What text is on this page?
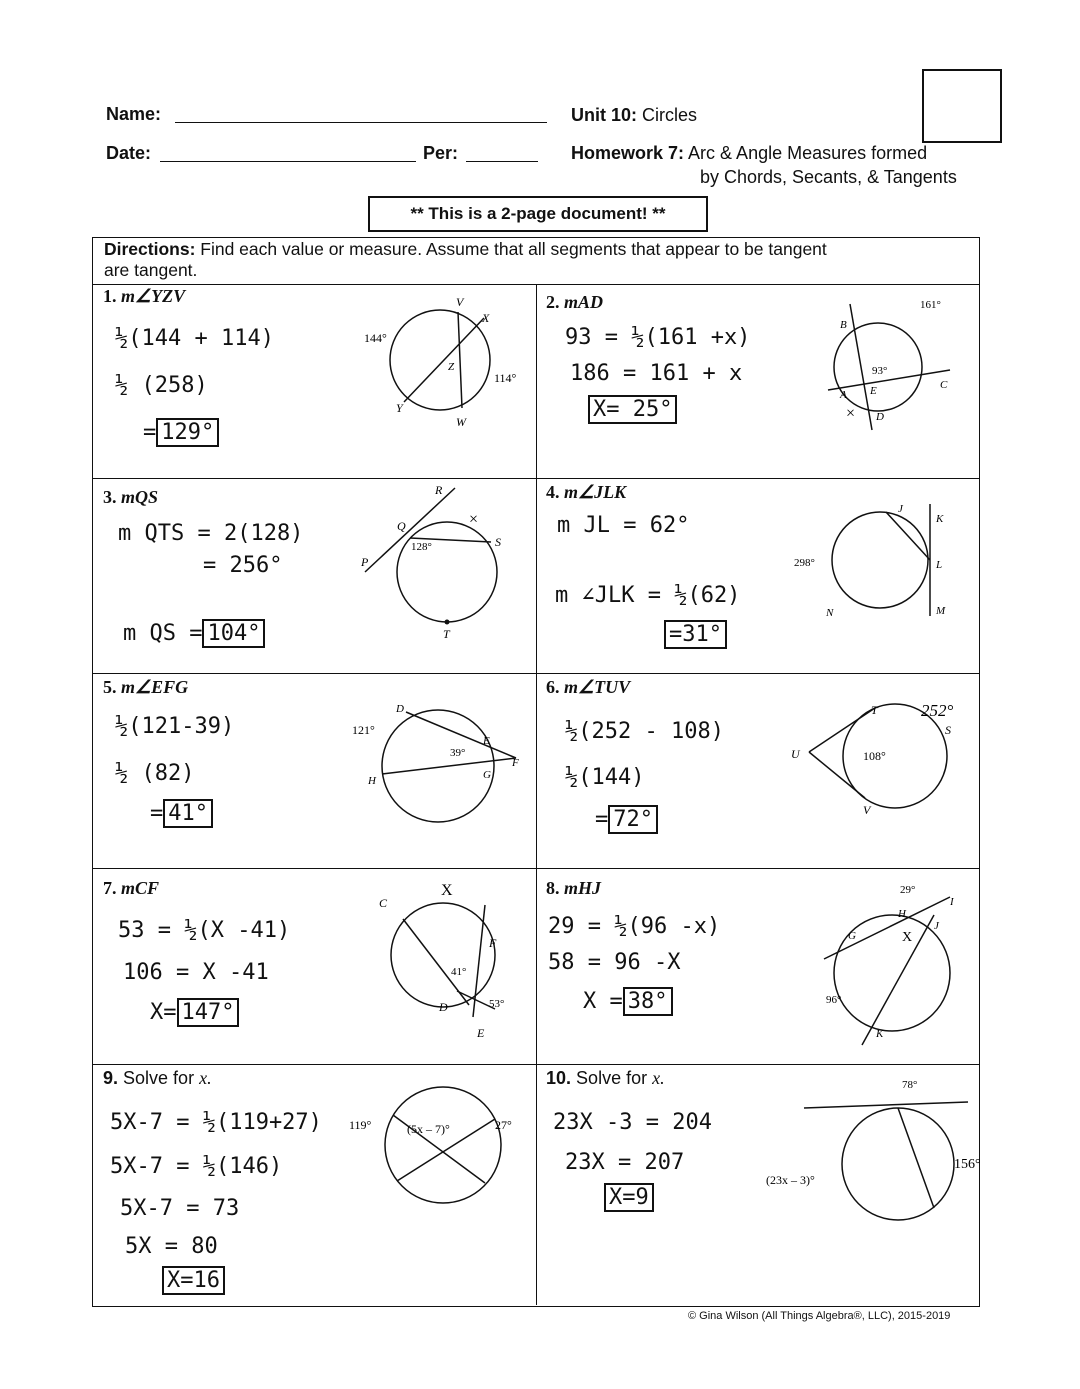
Name:
Date:	Per:
Unit 10: Circles
Homework 7: Arc & Angle Measures formed
by Chords, Secants, & Tangents
** This is a 2-page document! **
Directions: Find each value or measure. Assume that all segments that appear to be tangent
are tangent.
1. m∠YZV
½(144 + 114)
½ (258)
= 129°
V
X
Z
Y
W
144°
114°
2. mAD
93 = ½(161 +x)
186 = 161 + x
X= 25°
B
A E	C
D
×
93°
161°
3. mQS
m QTS = 2(128)
= 256°
m QS = 104°
R
Q
P
S
T
128°
×
4. m∠JLK
m JL = 62°
m ∠JLK = ½(62)
=31°
J
K
L
M
N
298°
5. m∠EFG
½(121-39)
½ (82)
= 41°
D
E
F
G
H
121°
39°
6. m∠TUV
½(252 - 108)
½(144)
= 72°
U
T
S
V
108°
252°
7. mCF
53 = ½(X -41)
106 = X -41
X= 147°
C
D
E
F
41°
53°
X	8. mHJ
29 = ½(96 -x)
58 = 96 -X
X = 38°
G
H
I
J
K
29°
96°
X
9. Solve for x.
5X-7 = ½(119+27)
5X-7 = ½(146)
5X-7 = 73
5X = 80
X=16
119°	(5x – 7)°	27°
10. Solve for x.
23X -3 = 204
23X = 207
X=9
78°
(23x – 3)°
156°
© Gina Wilson (All Things Algebra®, LLC), 2015-2019
